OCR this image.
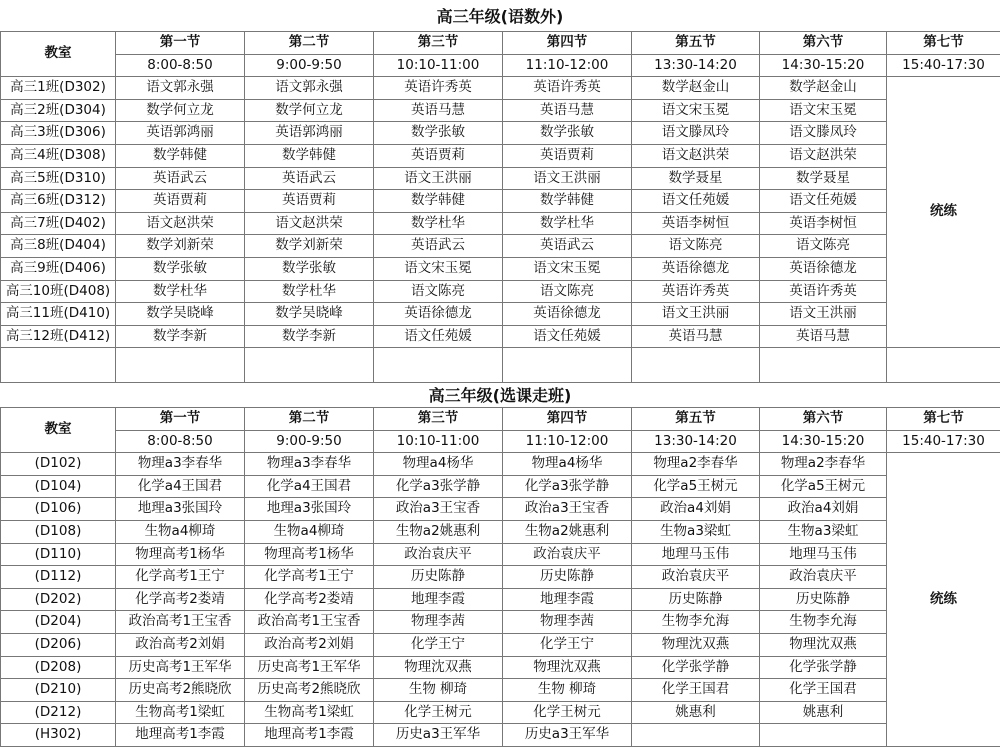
高三年级(语数外)
教室	第一节	第二节	第三节	第四节	第五节	第六节	第七节
	8:00-8:50	9:00-9:50	10:10-11:00	11:10-12:00	13:30-14:20	14:30-15:20	15:40-17:30
高三1班(D302)	语文郭永强	语文郭永强	英语许秀英	英语许秀英	数学赵金山	数学赵金山	统练
高三2班(D304)	数学何立龙	数学何立龙	英语马慧	英语马慧	语文宋玉冕	语文宋玉冕	
高三3班(D306)	英语郭鸿丽	英语郭鸿丽	数学张敏	数学张敏	语文滕凤玲	语文滕凤玲	
高三4班(D308)	数学韩健	数学韩健	英语贾莉	英语贾莉	语文赵洪荣	语文赵洪荣	
高三5班(D310)	英语武云	英语武云	语文王洪丽	语文王洪丽	数学聂星	数学聂星	
高三6班(D312)	英语贾莉	英语贾莉	数学韩健	数学韩健	语文任苑媛	语文任苑媛	
高三7班(D402)	语文赵洪荣	语文赵洪荣	数学杜华	数学杜华	英语李树恒	英语李树恒	
高三8班(D404)	数学刘新荣	数学刘新荣	英语武云	英语武云	语文陈亮	语文陈亮	
高三9班(D406)	数学张敏	数学张敏	语文宋玉冕	语文宋玉冕	英语徐德龙	英语徐德龙	
高三10班(D408)	数学杜华	数学杜华	语文陈亮	语文陈亮	英语许秀英	英语许秀英	
高三11班(D410)	数学吴晓峰	数学吴晓峰	英语徐德龙	英语徐德龙	语文王洪丽	语文王洪丽	
高三12班(D412)	数学李新	数学李新	语文任苑媛	语文任苑媛	英语马慧	英语马慧	

高三年级(选课走班)
教室	第一节	第二节	第三节	第四节	第五节	第六节	第七节
	8:00-8:50	9:00-9:50	10:10-11:00	11:10-12:00	13:30-14:20	14:30-15:20	15:40-17:30
(D102)	物理a3李春华	物理a3李春华	物理a4杨华	物理a4杨华	物理a2李春华	物理a2李春华	统练
(D104)	化学a4王国君	化学a4王国君	化学a3张学静	化学a3张学静	化学a5王树元	化学a5王树元	
(D106)	地理a3张国玲	地理a3张国玲	政治a3王宝香	政治a3王宝香	政治a4刘娟	政治a4刘娟	
(D108)	生物a4柳琦	生物a4柳琦	生物a2姚惠利	生物a2姚惠利	生物a3梁虹	生物a3梁虹	
(D110)	物理高考1杨华	物理高考1杨华	政治袁庆平	政治袁庆平	地理马玉伟	地理马玉伟	
(D112)	化学高考1王宁	化学高考1王宁	历史陈静	历史陈静	政治袁庆平	政治袁庆平	
(D202)	化学高考2娄靖	化学高考2娄靖	地理李霞	地理李霞	历史陈静	历史陈静	
(D204)	政治高考1王宝香	政治高考1王宝香	物理李茜	物理李茜	生物李允海	生物李允海	
(D206)	政治高考2刘娟	政治高考2刘娟	化学王宁	化学王宁	物理沈双燕	物理沈双燕	
(D208)	历史高考1王军华	历史高考1王军华	物理沈双燕	物理沈双燕	化学张学静	化学张学静	
(D210)	历史高考2熊晓欣	历史高考2熊晓欣	生物 柳琦	生物 柳琦	化学王国君	化学王国君	
(D212)	生物高考1梁虹	生物高考1梁虹	化学王树元	化学王树元	姚惠利	姚惠利	
(H302)	地理高考1李霞	地理高考1李霞	历史a3王军华	历史a3王军华			
